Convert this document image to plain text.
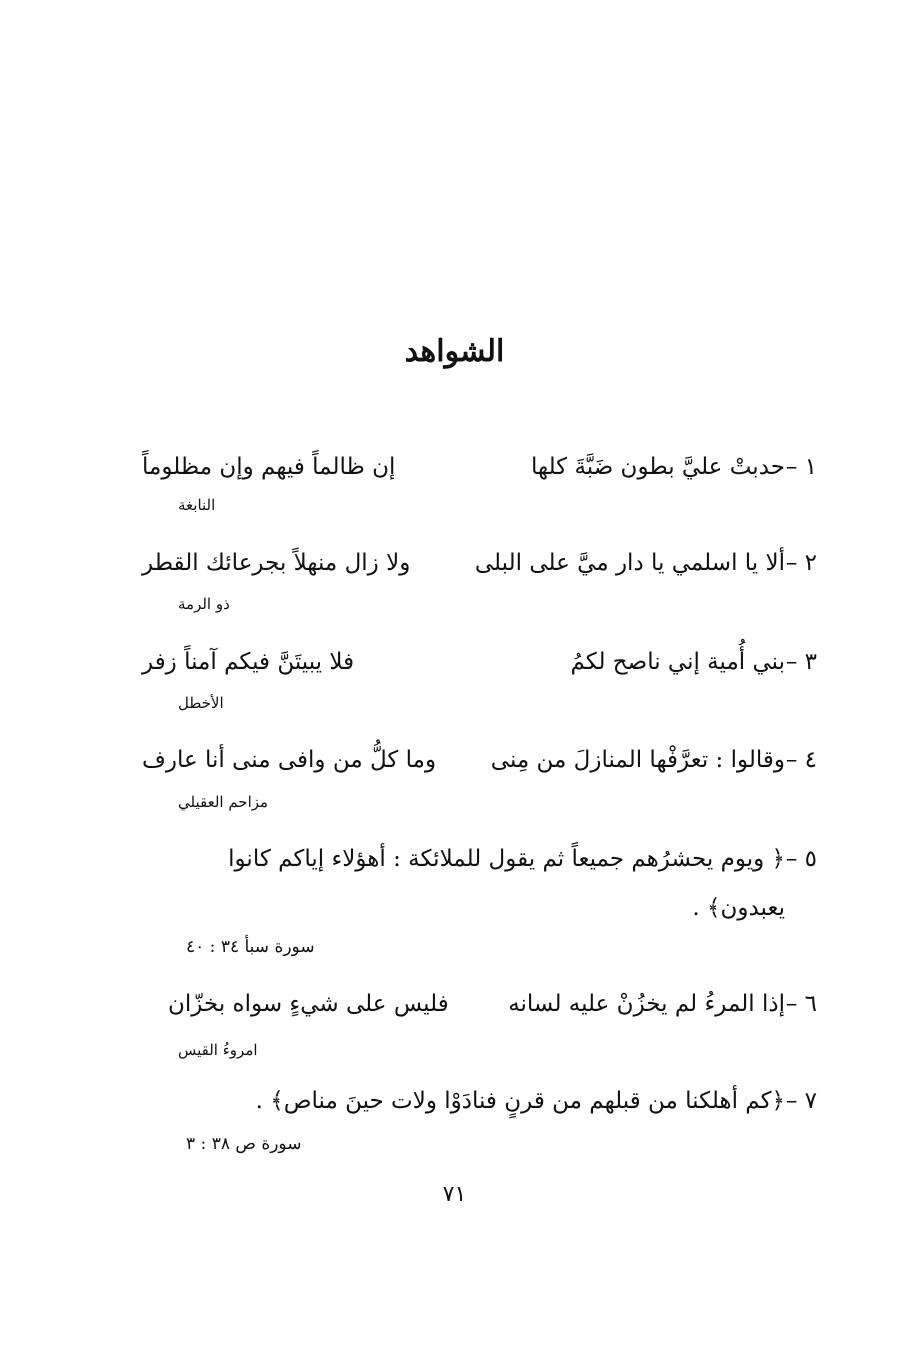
الشواهد
١ –
حدبتْ عليَّ بطون ضَبَّةَ كلها
إن ظالماً فيهم وإن مظلوماً
النابغة
٢ –
ألا يا اسلمي يا دار ميَّ على البلى
ولا زال منهلاً بجرعائك القطر
ذو الرمة
٣ –
بني أُمية إني ناصح لكمُ
فلا يبيتَنَّ فيكم آمناً زفر
الأخطل
٤ –
وقالوا : تعرَّفْها المنازلَ من مِنى
وما كلُّ من وافى منى أنا عارف
مزاحم العقيلي
٥ –
﴿ ويوم يحشرُهم جميعاً ثم يقول للملائكة : أهؤلاء إياكم كانوا
يعبدون﴾ .
سورة سبأ ٣٤ : ٤٠
٦ –
إذا المرءُ لم يخزُنْ عليه لسانه
فليس على شيءٍ سواه بخزّان
امروءُ القيس
٧ –
﴿كم أهلكنا من قبلهم من قرنٍ فنادَوْا ولات حينَ مناص﴾ .
سورة ص ٣٨ : ٣
٧١
